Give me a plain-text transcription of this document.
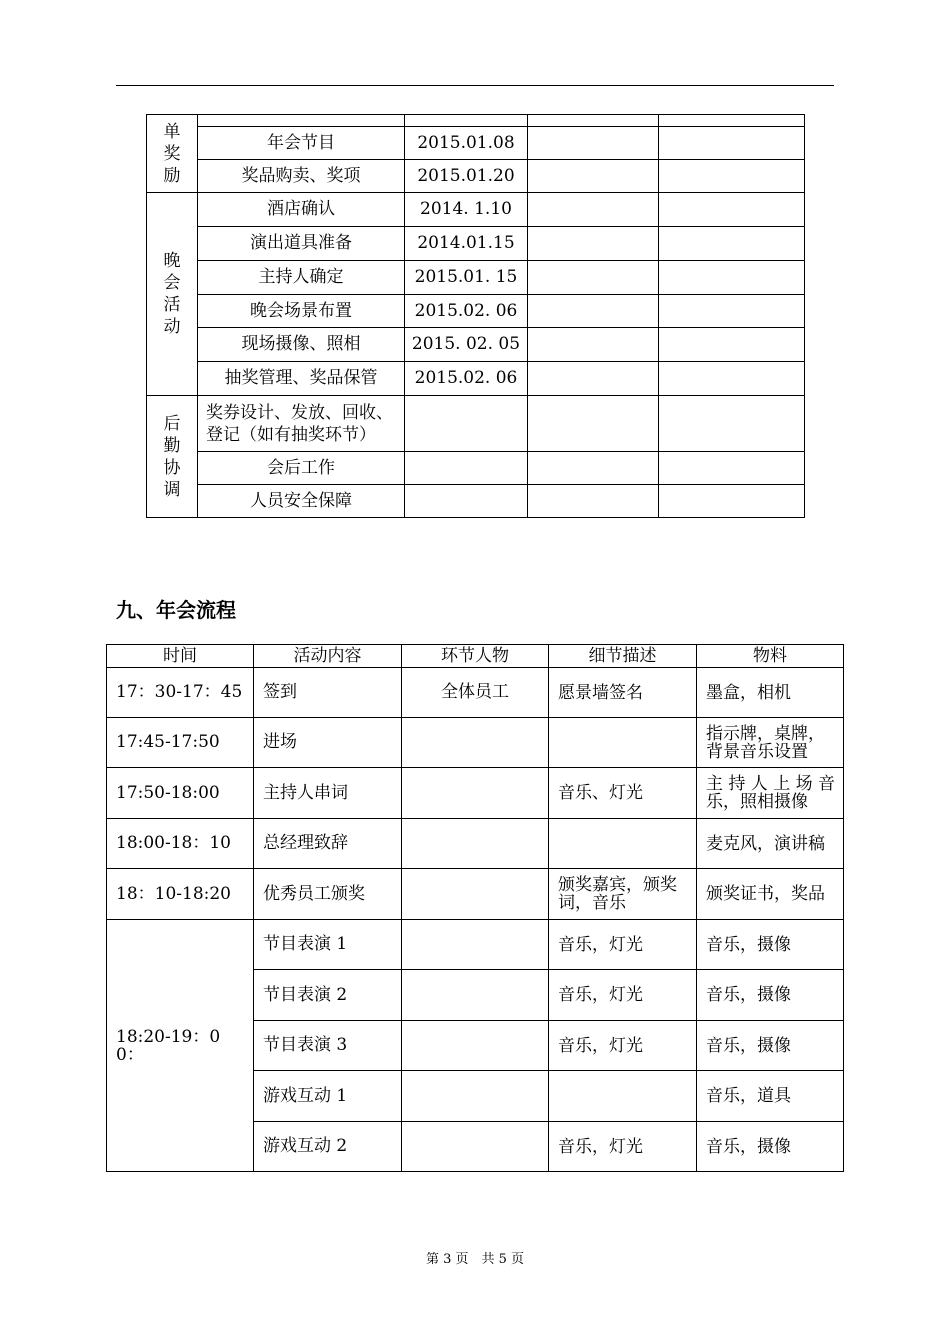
单奖励				
	年会节目	2015.01.08		
	奖品购卖、奖项	2015.01.20		
晚会活动	酒店确认	2014. 1.10		
	演出道具准备	2014.01.15		
	主持人确定	2015.01. 15		
	晚会场景布置	2015.02. 06		
	现场摄像、照相	2015. 02. 05		
	抽奖管理、奖品保管	2015.02. 06		
后勤协调	奖券设计、发放、回收、登记（如有抽奖环节）			
	会后工作			
	人员安全保障			
九、年会流程
时间	活动内容	环节人物	细节描述	物料
17：30-17：45	签到	全体员工	愿景墙签名	墨盒，相机
17:45-17:50	进场			指示牌，桌牌，背景音乐设置
17:50-18:00	主持人串词		音乐、灯光	主持人上场音乐，照相摄像
18:00-18：10	总经理致辞			麦克风，演讲稿
18：10-18:20	优秀员工颁奖		颁奖嘉宾，颁奖词，音乐	颁奖证书，奖品
18:20-19：00：	节目表演 1		音乐，灯光	音乐，摄像
	节目表演 2		音乐，灯光	音乐，摄像
	节目表演 3		音乐，灯光	音乐，摄像
	游戏互动 1			音乐，道具
	游戏互动 2		音乐，灯光	音乐，摄像
第 3 页　共 5 页
